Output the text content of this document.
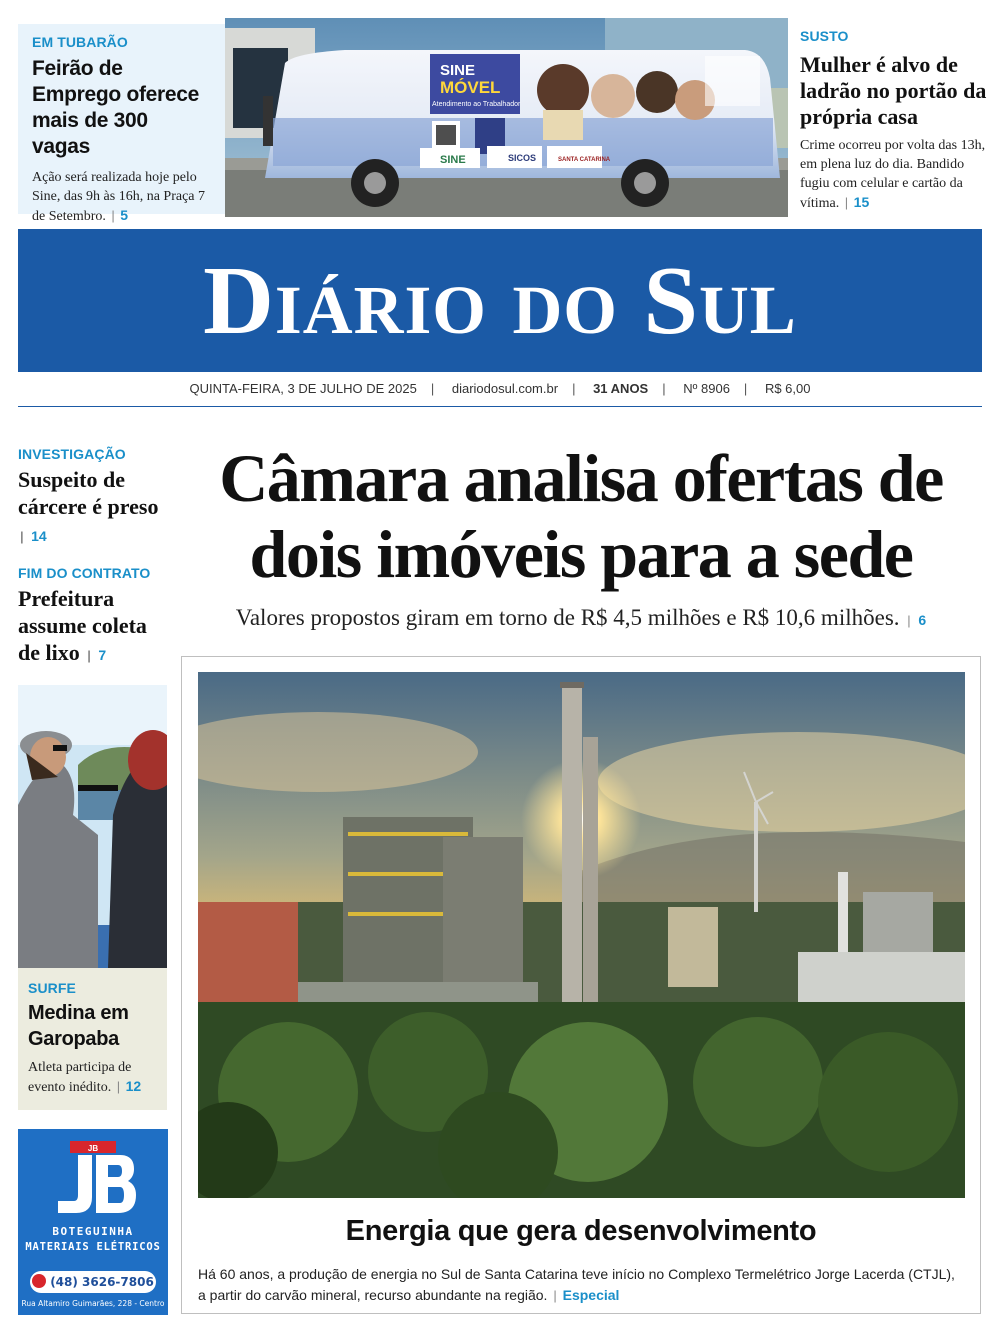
EM TUBARÃO
Feirão de Emprego oferece mais de 300 vagas
Ação será realizada hoje pelo Sine, das 9h às 16h, na Praça 7 de Setembro. | 5
SINE
MÓVEL
Atendimento ao Trabalhador
SINE	SICOS	SANTA CATARINA
SUSTO
Mulher é alvo de ladrão no portão da própria casa
Crime ocorreu por volta das 13h, em plena luz do dia. Bandido fugiu com celular e cartão da vítima. | 15
Diário do Sul
QUINTA-FEIRA, 3 DE JULHO DE 2025 | diariodosul.com.br | 31 ANOS | Nº 8906 | R$ 6,00
INVESTIGAÇÃO
Suspeito de cárcere é preso | 14
FIM DO CONTRATO
Prefeitura assume coleta de lixo | 7
SURFE
Medina em Garopaba
Atleta participa de evento inédito. | 12
JB
BOTEGUINHA
MATERIAIS ELÉTRICOS
(48) 3626-7806
Rua Altamiro Guimarães, 228 - Centro
Câmara analisa ofertas de dois imóveis para a sede
Valores propostos giram em torno de R$ 4,5 milhões e R$ 10,6 milhões. | 6
Energia que gera desenvolvimento
Há 60 anos, a produção de energia no Sul de Santa Catarina teve início no Complexo Termelétrico Jorge Lacerda (CTJL), a partir do carvão mineral, recurso abundante na região. | Especial
